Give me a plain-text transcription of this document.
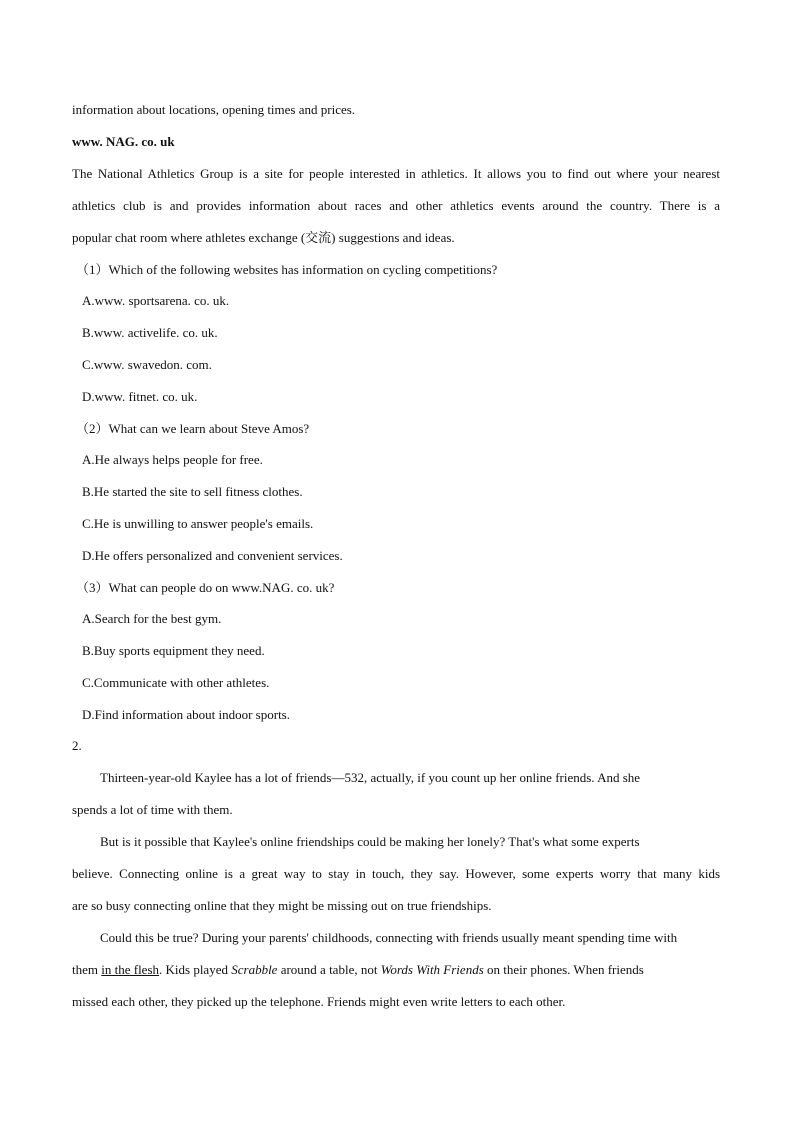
information about locations, opening times and prices.
www. NAG. co. uk
The National Athletics Group is a site for people interested in athletics. It allows you to find out where your nearest
athletics club is and provides information about races and other athletics events around the country. There is a
popular chat room where athletes exchange (交流) suggestions and ideas.
（1）Which of the following websites has information on cycling competitions?
A.www. sportsarena. co. uk.
B.www. activelife. co. uk.
C.www. swavedon. com.
D.www. fitnet. co. uk.
（2）What can we learn about Steve Amos?
A.He always helps people for free.
B.He started the site to sell fitness clothes.
C.He is unwilling to answer people's emails.
D.He offers personalized and convenient services.
（3）What can people do on www.NAG. co. uk?
A.Search for the best gym.
B.Buy sports equipment they need.
C.Communicate with other athletes.
D.Find information about indoor sports.
2.
Thirteen-year-old Kaylee has a lot of friends—532, actually, if you count up her online friends. And she
spends a lot of time with them.
But is it possible that Kaylee's online friendships could be making her lonely? That's what some experts
believe. Connecting online is a great way to stay in touch, they say. However, some experts worry that many kids
are so busy connecting online that they might be missing out on true friendships.
Could this be true? During your parents' childhoods, connecting with friends usually meant spending time with
them in the flesh. Kids played Scrabble around a table, not Words With Friends on their phones. When friends
missed each other, they picked up the telephone. Friends might even write letters to each other.
